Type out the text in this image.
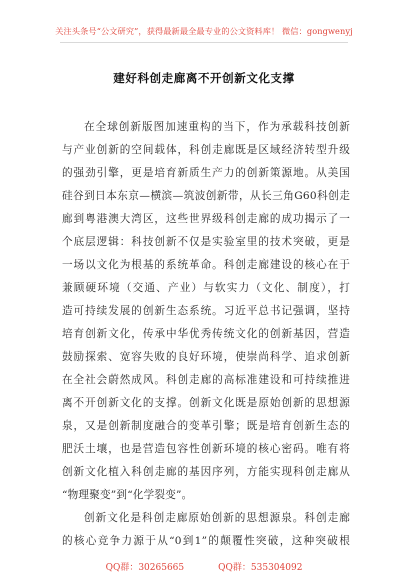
关注头条号“公文研究”，获得最新最全最专业的公文资料库！ 微信：gongwenyj
建好科创走廊离不开创新文化支撑
在全球创新版图加速重构的当下，作为承载科技创新
与产业创新的空间载体，科创走廊既是区域经济转型升级
的强劲引擎，更是培育新质生产力的创新策源地。从美国
硅谷到日本东京—横滨—筑波创新带，从长三角G60科创走
廊到粤港澳大湾区，这些世界级科创走廊的成功揭示了一
个底层逻辑：科技创新不仅是实验室里的技术突破，更是
一场以文化为根基的系统革命。科创走廊建设的核心在于
兼顾硬环境（交通、产业）与软实力（文化、制度），打
造可持续发展的创新生态系统。习近平总书记强调，坚持
培育创新文化，传承中华优秀传统文化的创新基因，营造
鼓励探索、宽容失败的良好环境，使崇尚科学、追求创新
在全社会蔚然成风。科创走廊的高标准建设和可持续推进
离不开创新文化的支撑。创新文化既是原始创新的思想源
泉，又是创新制度融合的变革引擎；既是培育创新生态的
肥沃土壤，也是营造包容性创新环境的核心密码。唯有将
创新文化植入科创走廊的基因序列，方能实现科创走廊从
“物理聚变”到“化学裂变”。
创新文化是科创走廊原始创新的思想源泉。科创走廊
的核心竞争力源于从“0到1”的颠覆性突破，这种突破根
QQ群：30265665	QQ群：535304092
